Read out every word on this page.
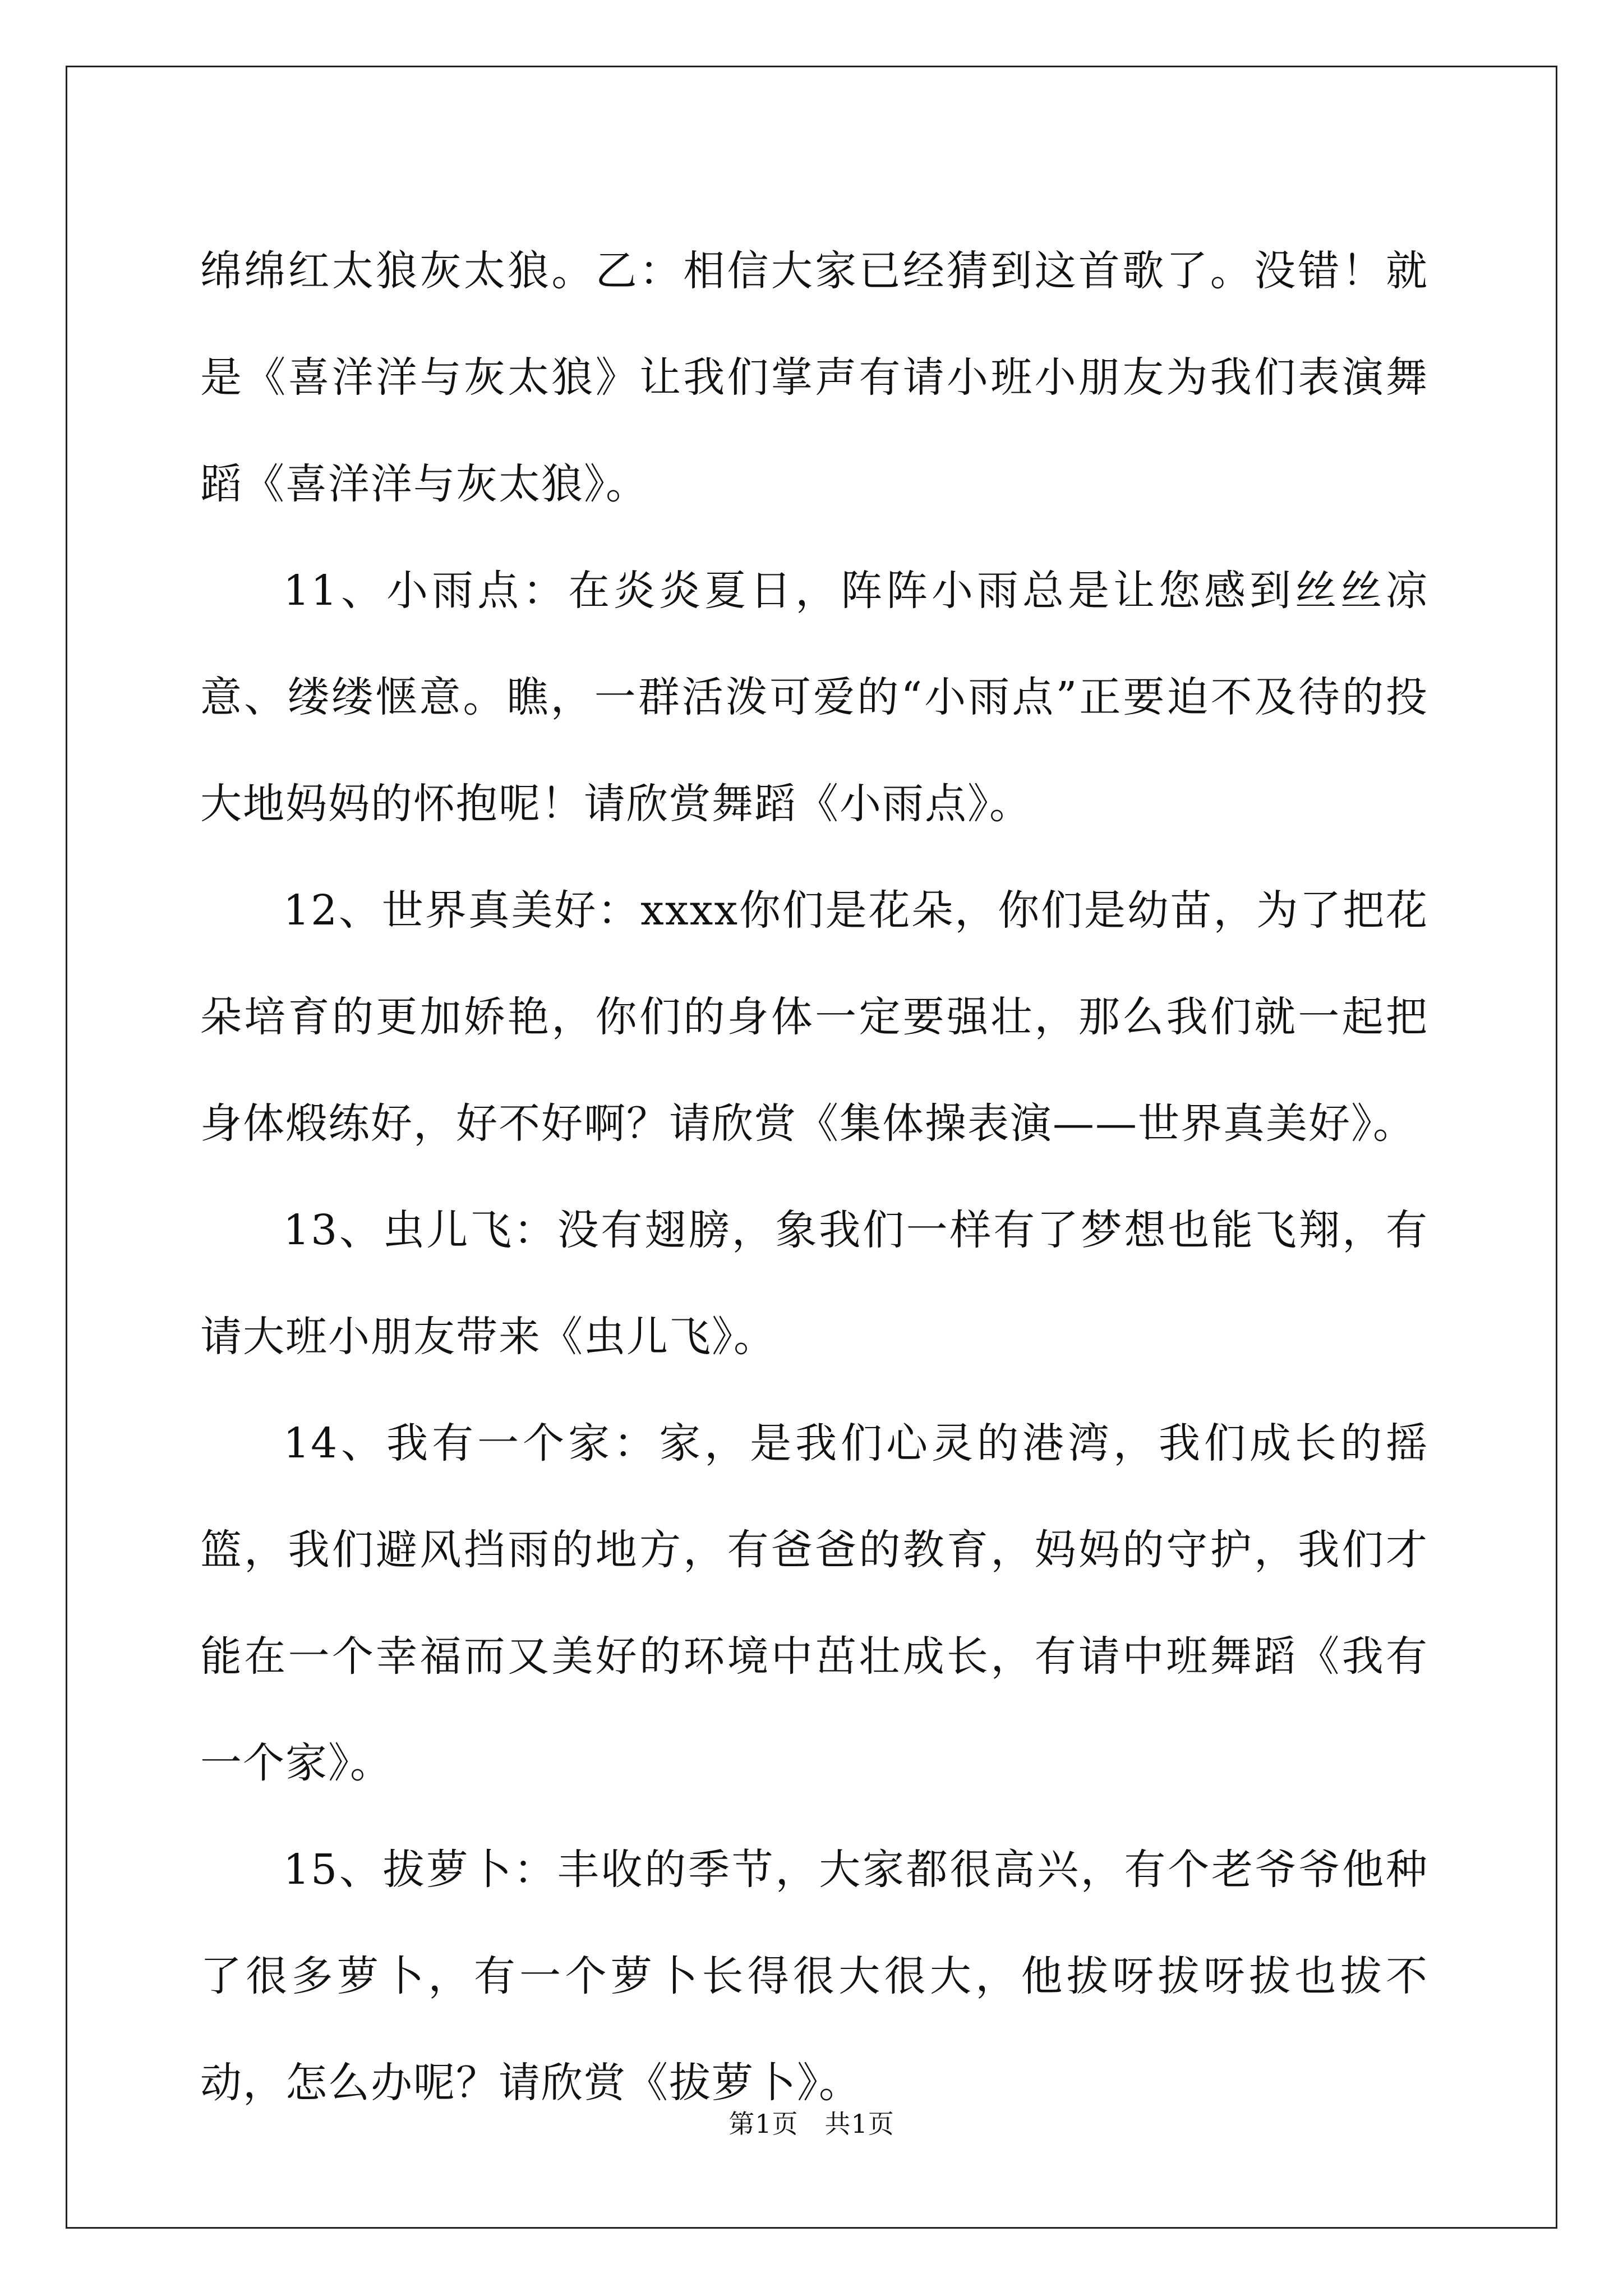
绵绵红太狼灰太狼。乙：相信大家已经猜到这首歌了。没错！就是《喜洋洋与灰太狼》让我们掌声有请小班小朋友为我们表演舞蹈《喜洋洋与灰太狼》。

11、小雨点：在炎炎夏日，阵阵小雨总是让您感到丝丝凉意、缕缕惬意。瞧，一群活泼可爱的“小雨点”正要迫不及待的投大地妈妈的怀抱呢！请欣赏舞蹈《小雨点》。

12、世界真美好：xxxx你们是花朵，你们是幼苗，为了把花朵培育的更加娇艳，你们的身体一定要强壮，那么我们就一起把身体煅练好，好不好啊？请欣赏《集体操表演——世界真美好》。

13、虫儿飞：没有翅膀，象我们一样有了梦想也能飞翔，有请大班小朋友带来《虫儿飞》。

14、我有一个家：家，是我们心灵的港湾，我们成长的摇篮，我们避风挡雨的地方，有爸爸的教育，妈妈的守护，我们才能在一个幸福而又美好的环境中茁壮成长，有请中班舞蹈《我有一个家》。

15、拔萝卜：丰收的季节，大家都很高兴，有个老爷爷他种了很多萝卜，有一个萝卜长得很大很大，他拔呀拔呀拔也拔不动，怎么办呢？请欣赏《拔萝卜》。

第1页　共1页
